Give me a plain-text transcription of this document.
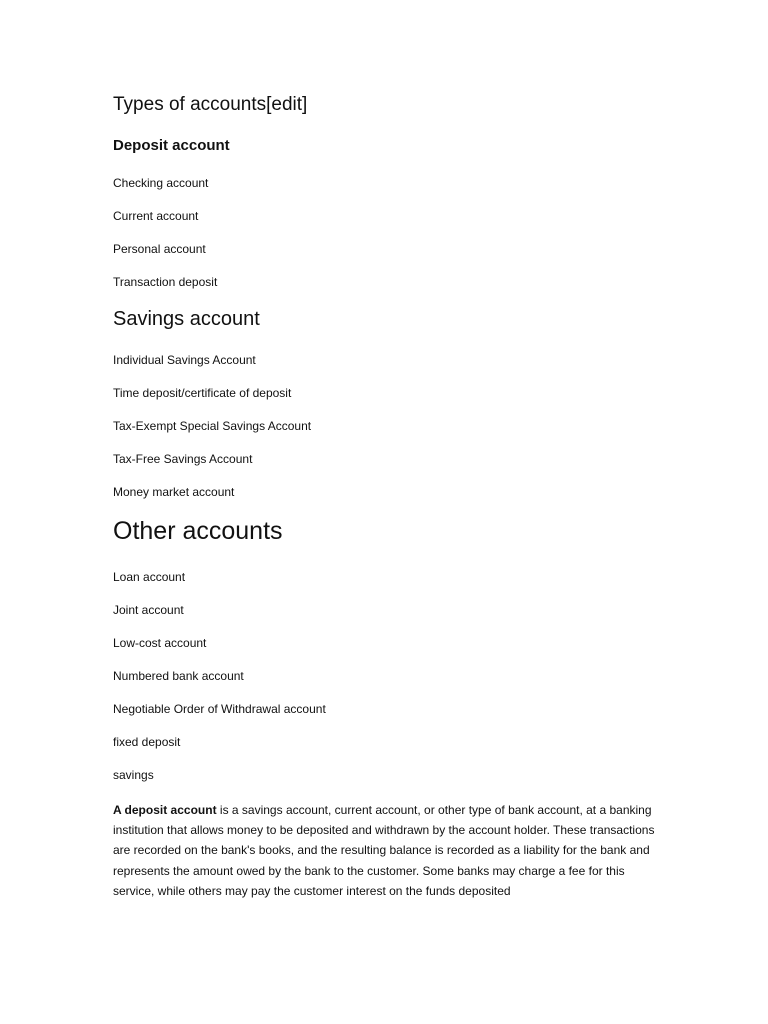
Types of accounts[edit]
Deposit account
Checking account
Current account
Personal account
Transaction deposit
Savings account
Individual Savings Account
Time deposit/certificate of deposit
Tax-Exempt Special Savings Account
Tax-Free Savings Account
Money market account
Other accounts
Loan account
Joint account
Low-cost account
Numbered bank account
Negotiable Order of Withdrawal account
fixed deposit
savings

A deposit account is a savings account, current account, or other type of bank account, at a banking institution that allows money to be deposited and withdrawn by the account holder. These transactions are recorded on the bank's books, and the resulting balance is recorded as a liability for the bank and represents the amount owed by the bank to the customer. Some banks may charge a fee for this service, while others may pay the customer interest on the funds deposited
